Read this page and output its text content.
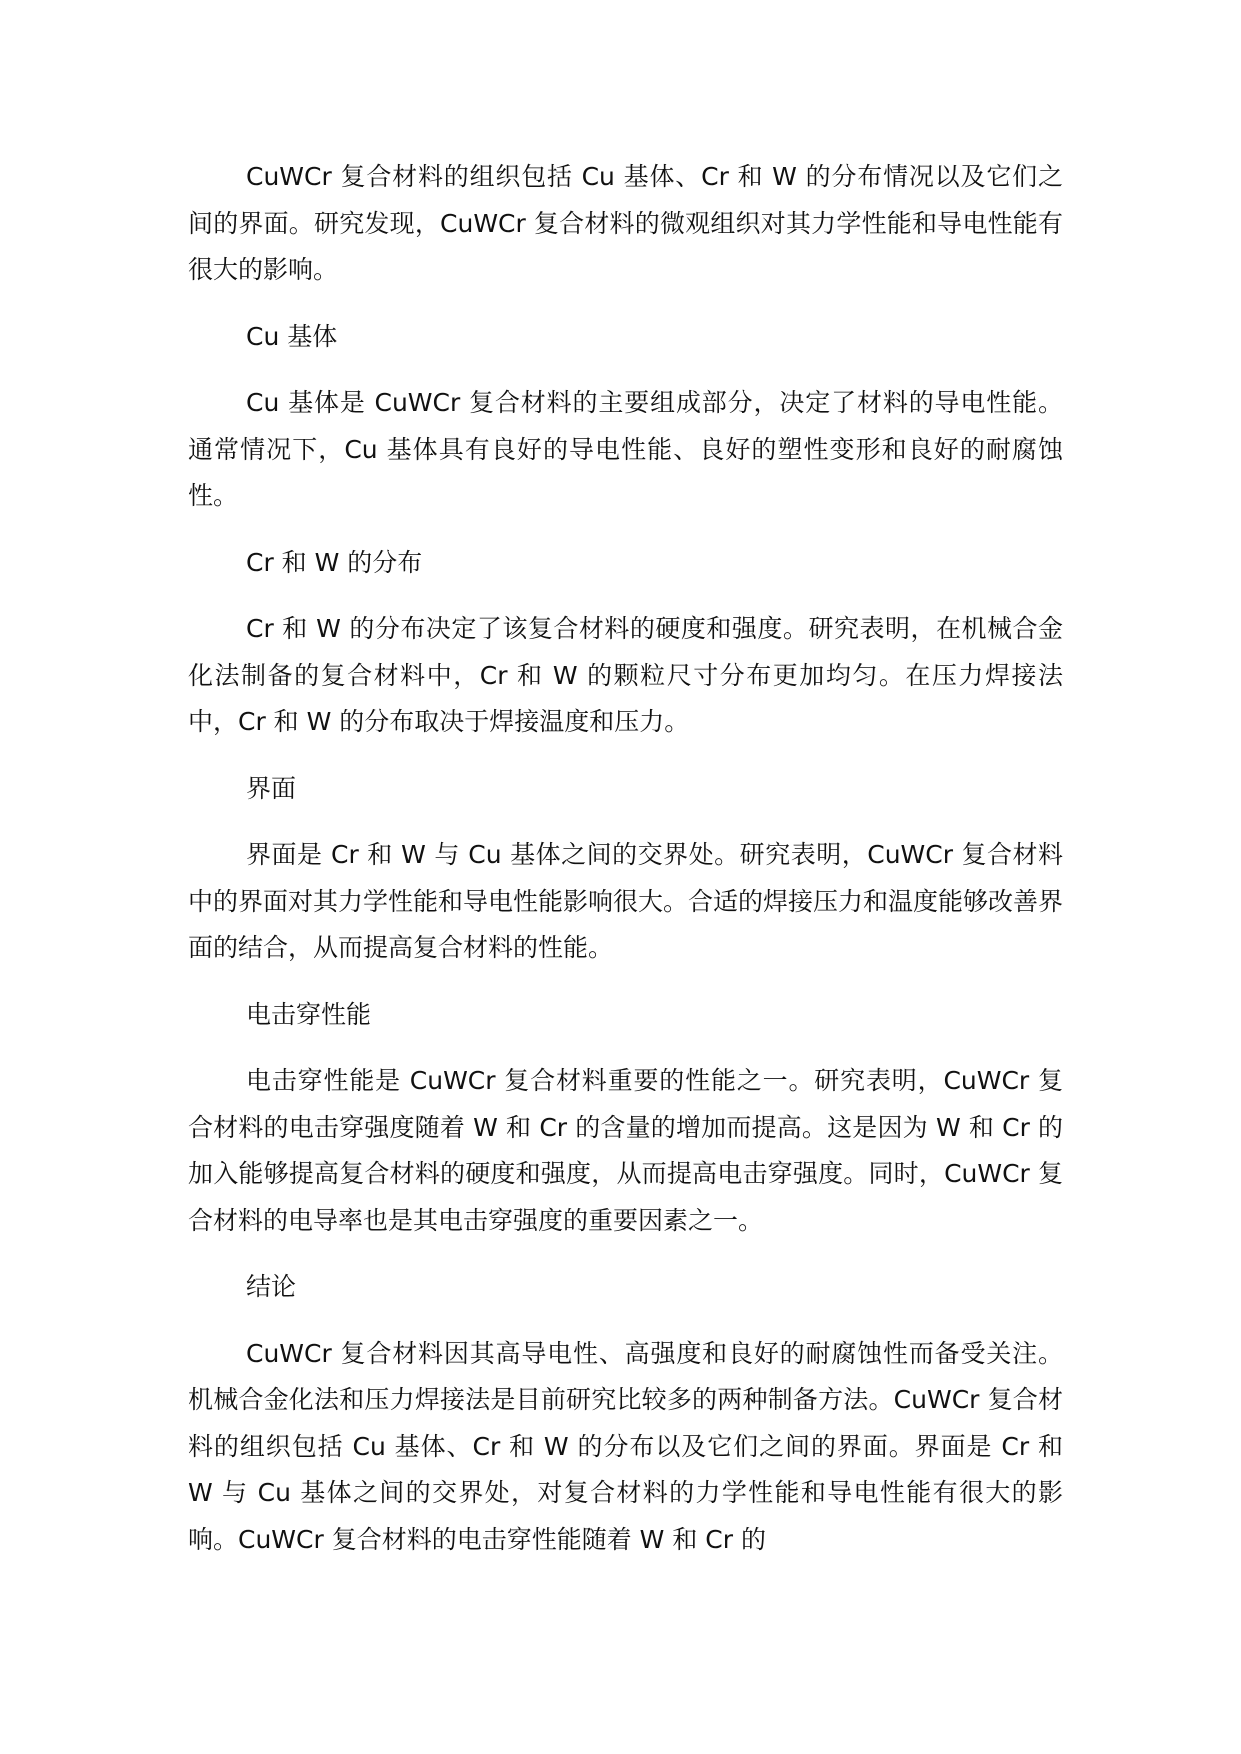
CuWCr 复合材料的组织包括 Cu 基体、Cr 和 W 的分布情况以及它们之间的界面。研究发现，CuWCr 复合材料的微观组织对其力学性能和导电性能有很大的影响。

Cu 基体

Cu 基体是 CuWCr 复合材料的主要组成部分，决定了材料的导电性能。通常情况下，Cu 基体具有良好的导电性能、良好的塑性变形和良好的耐腐蚀性。

Cr 和 W 的分布

Cr 和 W 的分布决定了该复合材料的硬度和强度。研究表明，在机械合金化法制备的复合材料中，Cr 和 W 的颗粒尺寸分布更加均匀。在压力焊接法中，Cr 和 W 的分布取决于焊接温度和压力。

界面

界面是 Cr 和 W 与 Cu 基体之间的交界处。研究表明，CuWCr 复合材料中的界面对其力学性能和导电性能影响很大。合适的焊接压力和温度能够改善界面的结合，从而提高复合材料的性能。

电击穿性能

电击穿性能是 CuWCr 复合材料重要的性能之一。研究表明，CuWCr 复合材料的电击穿强度随着 W 和 Cr 的含量的增加而提高。这是因为 W 和 Cr 的加入能够提高复合材料的硬度和强度，从而提高电击穿强度。同时，CuWCr 复合材料的电导率也是其电击穿强度的重要因素之一。

结论

CuWCr 复合材料因其高导电性、高强度和良好的耐腐蚀性而备受关注。机械合金化法和压力焊接法是目前研究比较多的两种制备方法。CuWCr 复合材料的组织包括 Cu 基体、Cr 和 W 的分布以及它们之间的界面。界面是 Cr 和 W 与 Cu 基体之间的交界处，对复合材料的力学性能和导电性能有很大的影响。CuWCr 复合材料的电击穿性能随着 W 和 Cr 的
